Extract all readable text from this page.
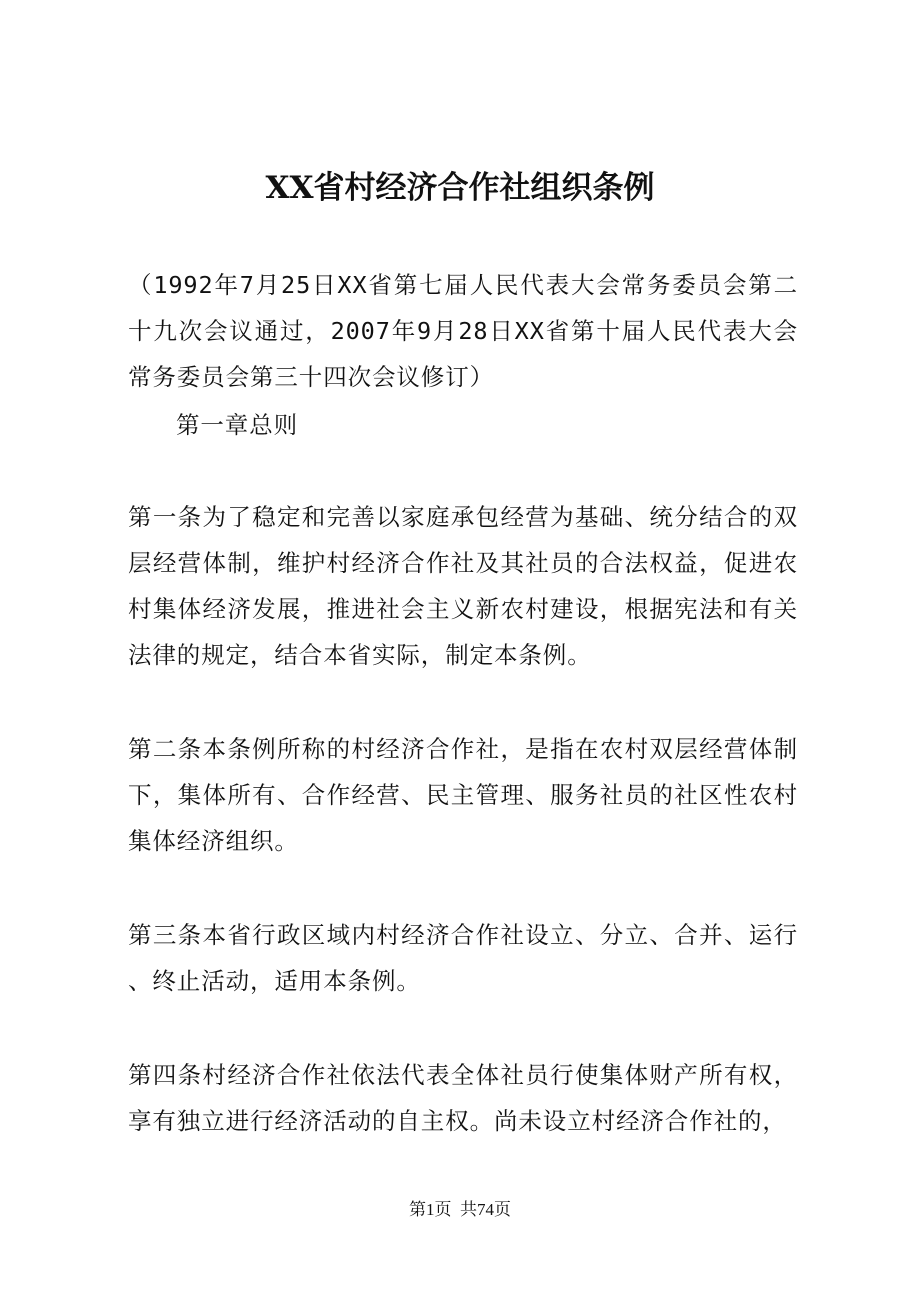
XX省村经济合作社组织条例

（1992年7月25日XX省第七届人民代表大会常务委员会第二十九次会议通过，2007年9月28日XX省第十届人民代表大会常务委员会第三十四次会议修订）

第一章总则

第一条为了稳定和完善以家庭承包经营为基础、统分结合的双层经营体制，维护村经济合作社及其社员的合法权益，促进农村集体经济发展，推进社会主义新农村建设，根据宪法和有关法律的规定，结合本省实际，制定本条例。

第二条本条例所称的村经济合作社，是指在农村双层经营体制下，集体所有、合作经营、民主管理、服务社员的社区性农村集体经济组织。

第三条本省行政区域内村经济合作社设立、分立、合并、运行、终止活动，适用本条例。

第四条村经济合作社依法代表全体社员行使集体财产所有权，享有独立进行经济活动的自主权。尚未设立村经济合作社的，

第1页 共74页
